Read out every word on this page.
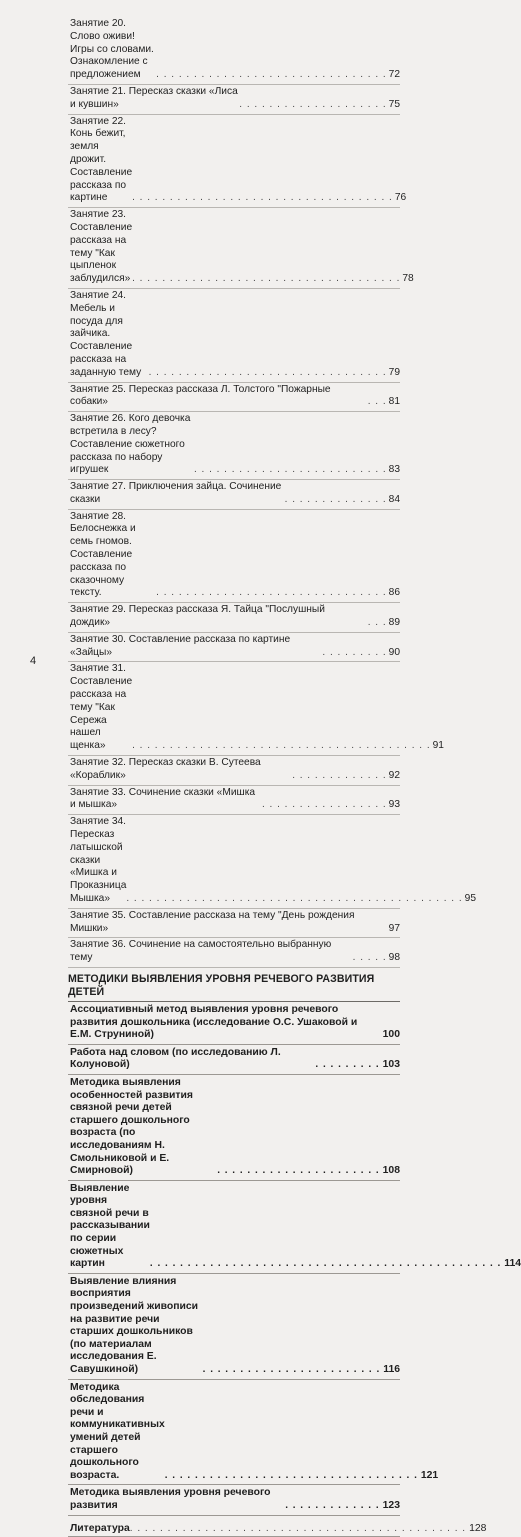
Занятие 20. Слово оживи! Игры со словами. Ознакомление с предложением	. . . . . . . . . . . . . . . . . . . . . . . . . . . . . . . 72
Занятие 21. Пересказ сказки «Лиса и кувшин»	. . . . . . . . . . . . . . . . . . . . 75
Занятие 22. Конь бежит, земля дрожит. Составление рассказа по картине	. . . . . . . . . . . . . . . . . . . . . . . . . . . . . . . . . . . 76
Занятие 23. Составление рассказа на тему "Как цыпленок заблудился» . . . . . . . . . . . . . . . . . . . . . . . . . . . . . . . . . . . . 78
Занятие 24. Мебель и посуда для зайчика. Составление рассказа на заданную тему . . . . . . . . . . . . . . . . . . . . . . . . . . . . . . . . 79
Занятие 25. Пересказ рассказа Л. Толстого "Пожарные собаки»	. . . 81
Занятие 26. Кого девочка встретила в лесу? Составление сюжетного рассказа по набору игрушек	. . . . . . . . . . . . . . . . . . . . . . . . . . 83
Занятие 27. Приключения зайца. Сочинение сказки	. . . . . . . . . . . . . . 84
Занятие 28. Белоснежка и семь гномов. Составление рассказа по сказочному тексту.	. . . . . . . . . . . . . . . . . . . . . . . . . . . . . . . 86
Занятие 29. Пересказ рассказа Я. Тайца "Послушный дождик»	. . . 89
Занятие 30. Составление рассказа по картине «Зайцы»	. . . . . . . . . 90
Занятие 31. Составление рассказа на тему "Как Сережа нашел щенка»	. . . . . . . . . . . . . . . . . . . . . . . . . . . . . . . . . . . . . . . . 91
Занятие 32. Пересказ сказки В. Сутеева «Кораблик»	. . . . . . . . . . . . . 92
Занятие 33. Сочинение сказки «Мишка и мышка»	. . . . . . . . . . . . . . . . . 93
Занятие 34. Пересказ латышской сказки «Мишка и Проказница Мышка»	. . . . . . . . . . . . . . . . . . . . . . . . . . . . . . . . . . . . . . . . . . . . . 95
Занятие 35. Составление рассказа на тему "День рождения Мишки»	97
Занятие 36. Сочинение на самостоятельно выбранную тему	. . . . . 98
МЕТОДИКИ ВЫЯВЛЕНИЯ УРОВНЯ РЕЧЕВОГО РАЗВИТИЯ ДЕТЕЙ
Ассоциативный метод выявления уровня речевого развития дошкольника (исследование О.С. Ушаковой и Е.М. Струниной)	100
Работа над словом (по исследованию Л. Колуновой)	. . . . . . . . . 103
Методика выявления особенностей развития связной речи детей старшего дошкольного возраста (по исследованиям Н. Смольниковой и Е. Смирновой)	. . . . . . . . . . . . . . . . . . . . . . 108
Выявление уровня связной речи в рассказывании по серии сюжетных картин	. . . . . . . . . . . . . . . . . . . . . . . . . . . . . . . . . . . . . . . . . . . . . . . 114
Выявление влияния восприятия произведений живописи на развитие речи старших дошкольников (по материалам исследования Е. Савушкиной)	. . . . . . . . . . . . . . . . . . . . . . . . 116
Методика обследования речи и коммуникативных умений детей старшего дошкольного возраста.	. . . . . . . . . . . . . . . . . . . . . . . . . . . . . . . . . . 121
Методика выявления уровня речевого развития	. . . . . . . . . . . . . 123
Литература . . . . . . . . . . . . . . . . . . . . . . . . . . . . . . . . . . . . . . . . . . . . . 128
4
